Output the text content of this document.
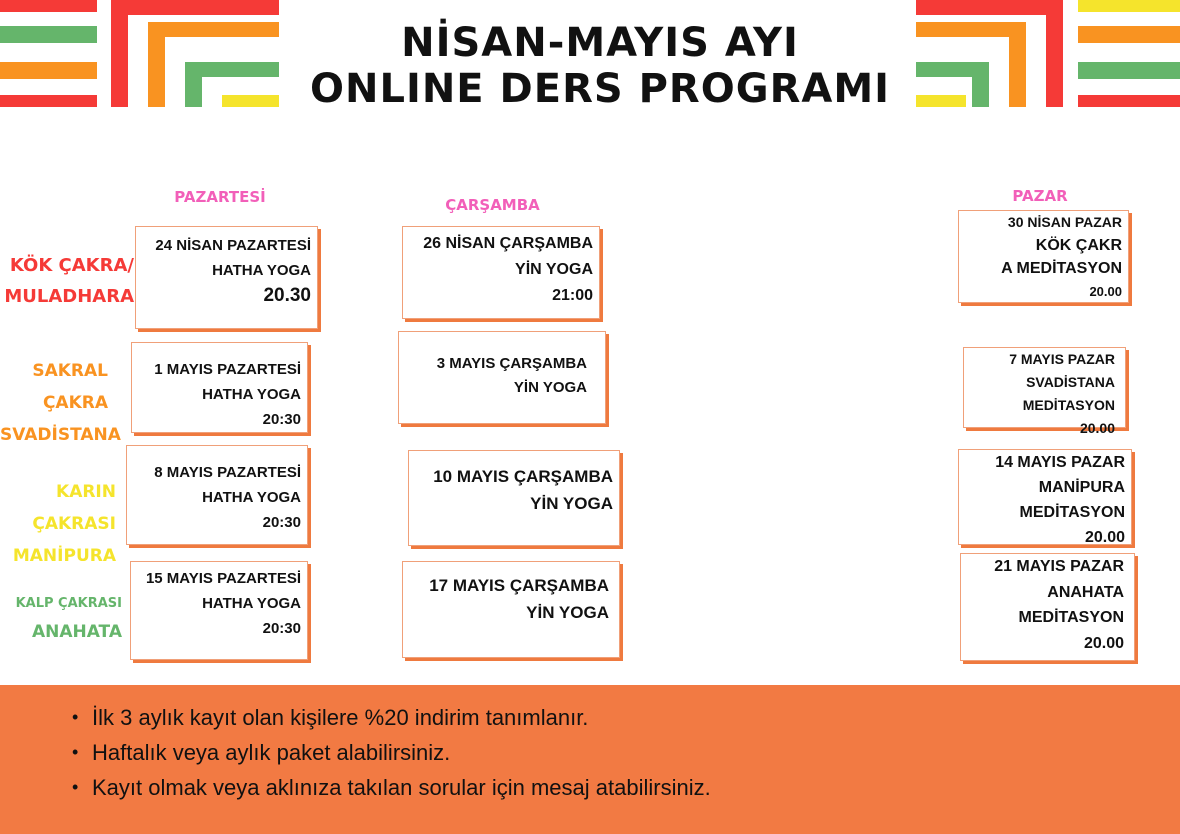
NİSAN-MAYIS AYI
ONLINE DERS PROGRAMI
PAZARTESİ	ÇARŞAMBA	PAZAR
KÖK ÇAKRA/
MULADHARA
SAKRAL
ÇAKRA
SVADİSTANA
KARIN
ÇAKRASI
MANİPURA
KALP ÇAKRASI
ANAHATA
24 NİSAN PAZARTESİ
HATHA YOGA
20.30
1 MAYIS PAZARTESİ
HATHA YOGA
20:30
8 MAYIS PAZARTESİ
HATHA YOGA
20:30
15 MAYIS PAZARTESİ
HATHA YOGA
20:30
26 NİSAN ÇARŞAMBA
YİN YOGA
21:00
3 MAYIS ÇARŞAMBA
YİN YOGA
10 MAYIS ÇARŞAMBA
YİN YOGA
17 MAYIS ÇARŞAMBA
YİN YOGA
30 NİSAN PAZAR
KÖK ÇAKR
A MEDİTASYON
20.00
7 MAYIS PAZAR
SVADİSTANA
MEDİTASYON
20.00
14 MAYIS PAZAR
MANİPURA
MEDİTASYON
20.00
21 MAYIS PAZAR
ANAHATA
MEDİTASYON
20.00
• İlk 3 aylık kayıt olan kişilere %20 indirim tanımlanır.
• Haftalık veya aylık paket alabilirsiniz.
• Kayıt olmak veya aklınıza takılan sorular için mesaj atabilirsiniz.
